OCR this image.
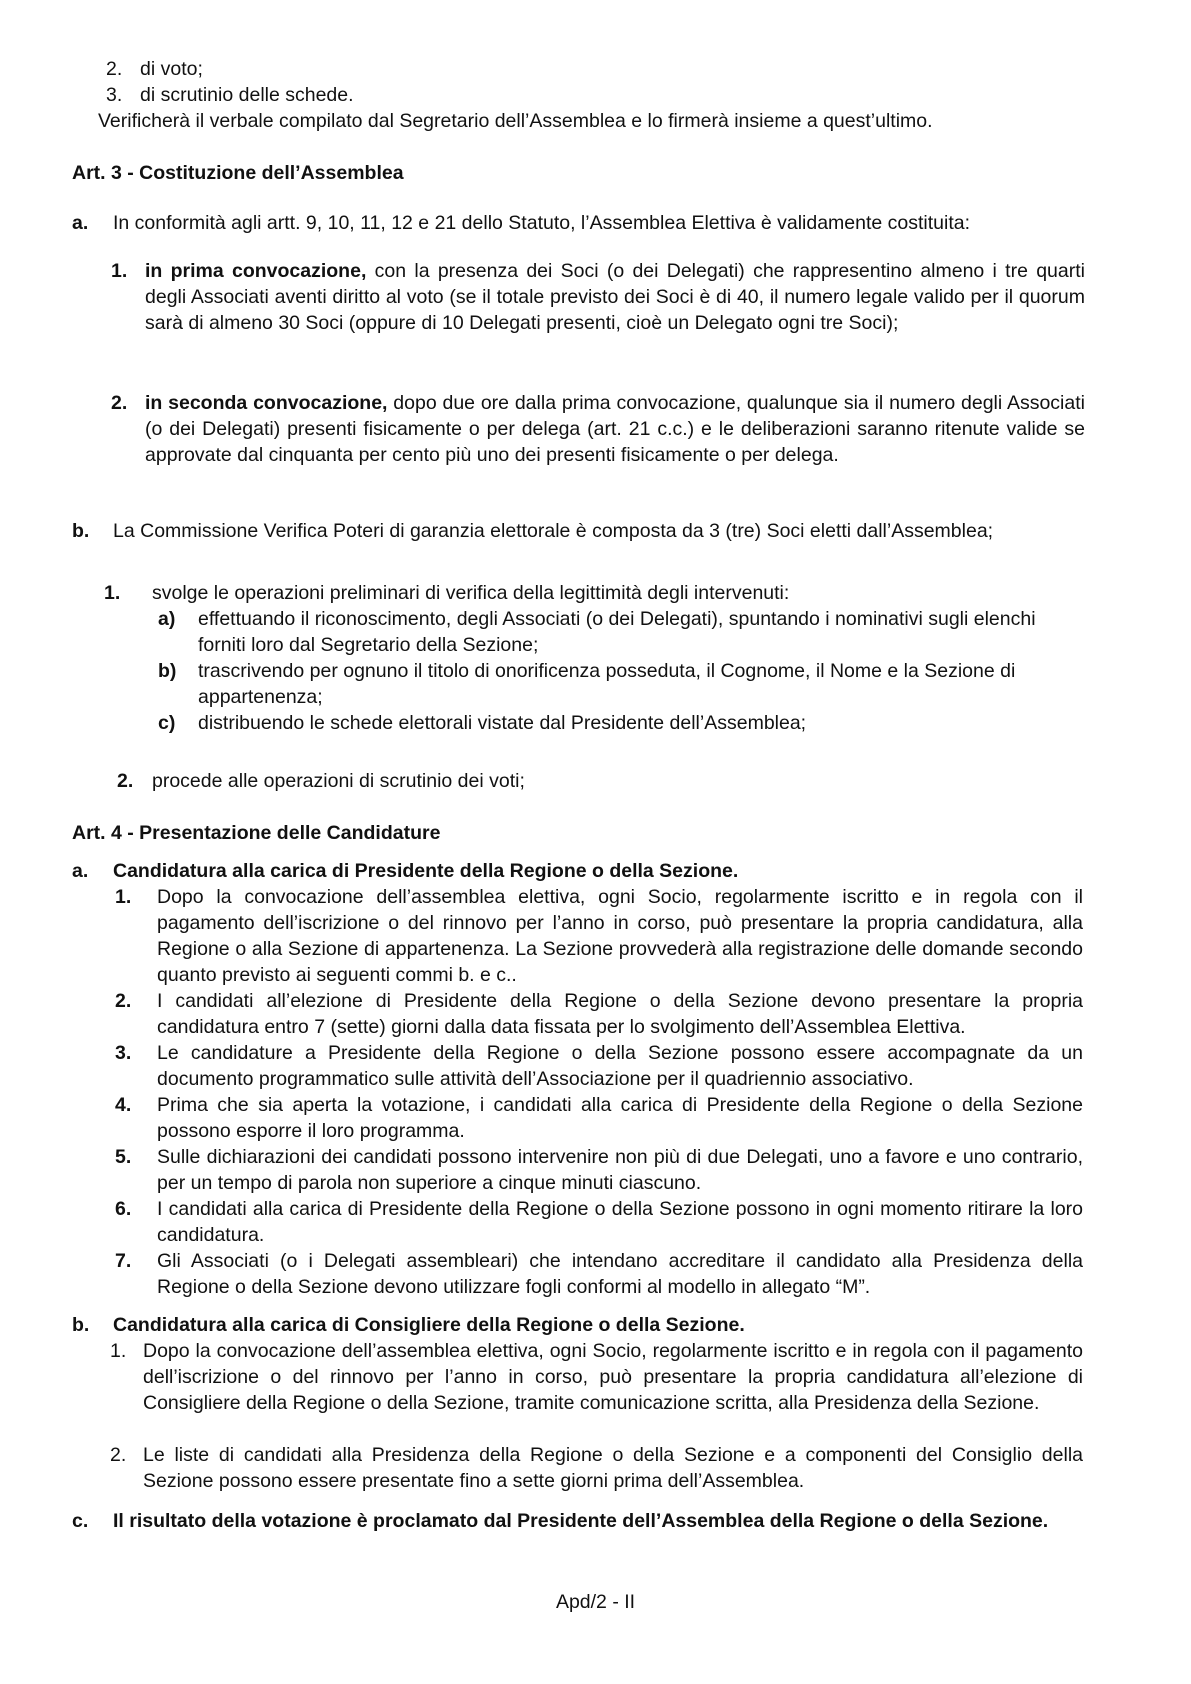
2. di voto;
3. di scrutinio delle schede.
Verificherà il verbale compilato dal Segretario dell’Assemblea e lo firmerà insieme a quest’ultimo.
Art. 3 - Costituzione dell’Assemblea
a. In conformità agli artt. 9, 10, 11, 12 e 21 dello Statuto, l’Assemblea Elettiva è validamente costituita:
1. in prima convocazione, con la presenza dei Soci (o dei Delegati) che rappresentino almeno i tre quarti degli Associati aventi diritto al voto (se il totale previsto dei Soci è di 40, il numero legale valido per il quorum sarà di almeno 30 Soci (oppure di 10 Delegati presenti, cioè un Delegato ogni tre Soci);
2. in seconda convocazione, dopo due ore dalla prima convocazione, qualunque sia il numero degli Associati (o dei Delegati) presenti fisicamente o per delega (art. 21 c.c.) e le deliberazioni saranno ritenute valide se approvate dal cinquanta per cento più uno dei presenti fisicamente o per delega.
b. La Commissione Verifica Poteri di garanzia elettorale è composta da 3 (tre) Soci eletti dall’Assemblea;
1. svolge le operazioni preliminari di verifica della legittimità degli intervenuti:
a) effettuando il riconoscimento, degli Associati (o dei Delegati), spuntando i nominativi sugli elenchi forniti loro dal Segretario della Sezione;
b) trascrivendo per ognuno il titolo di onorificenza posseduta, il Cognome, il Nome e la Sezione di appartenenza;
c) distribuendo le schede elettorali vistate dal Presidente dell’Assemblea;
2. procede alle operazioni di scrutinio dei voti;
Art. 4 - Presentazione delle Candidature
a. Candidatura alla carica di Presidente della Regione o della Sezione.
1. Dopo la convocazione dell’assemblea elettiva, ogni Socio, regolarmente iscritto e in regola con il pagamento dell’iscrizione o del rinnovo per l’anno in corso, può presentare la propria candidatura, alla Regione o alla Sezione di appartenenza. La Sezione provvederà alla registrazione delle domande secondo quanto previsto ai seguenti commi b. e c..
2. I candidati all’elezione di Presidente della Regione o della Sezione devono presentare la propria candidatura entro 7 (sette) giorni dalla data fissata per lo svolgimento dell’Assemblea Elettiva.
3. Le candidature a Presidente della Regione o della Sezione possono essere accompagnate da un documento programmatico sulle attività dell’Associazione per il quadriennio associativo.
4. Prima che sia aperta la votazione, i candidati alla carica di Presidente della Regione o della Sezione possono esporre il loro programma.
5. Sulle dichiarazioni dei candidati possono intervenire non più di due Delegati, uno a favore e uno contrario, per un tempo di parola non superiore a cinque minuti ciascuno.
6. I candidati alla carica di Presidente della Regione o della Sezione possono in ogni momento ritirare la loro candidatura.
7. Gli Associati (o i Delegati assembleari) che intendano accreditare il candidato alla Presidenza della Regione o della Sezione devono utilizzare fogli conformi al modello in allegato “M”.
b. Candidatura alla carica di Consigliere della Regione o della Sezione.
1. Dopo la convocazione dell’assemblea elettiva, ogni Socio, regolarmente iscritto e in regola con il pagamento dell’iscrizione o del rinnovo per l’anno in corso, può presentare la propria candidatura all’elezione di Consigliere della Regione o della Sezione, tramite comunicazione scritta, alla Presidenza della Sezione.
2. Le liste di candidati alla Presidenza della Regione o della Sezione e a componenti del Consiglio della Sezione possono essere presentate fino a sette giorni prima dell’Assemblea.
c. Il risultato della votazione è proclamato dal Presidente dell’Assemblea della Regione o della Sezione.
Apd/2 - II
